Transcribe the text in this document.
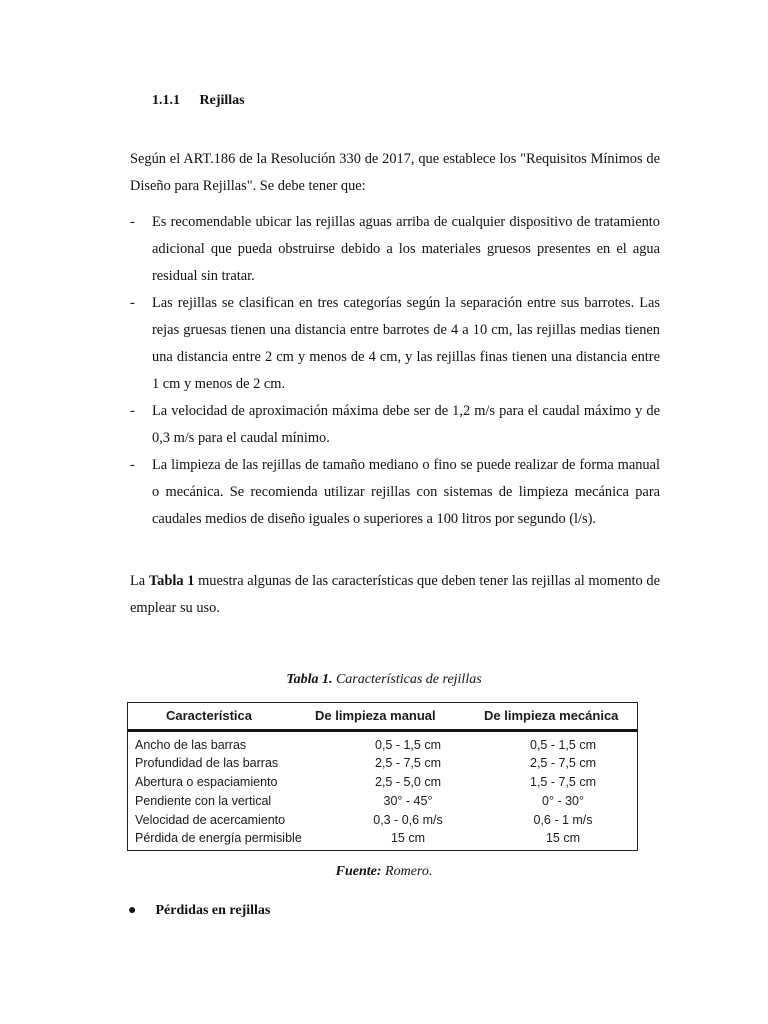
1.1.1 Rejillas

Según el ART.186 de la Resolución 330 de 2017, que establece los "Requisitos Mínimos de Diseño para Rejillas". Se debe tener que:

- Es recomendable ubicar las rejillas aguas arriba de cualquier dispositivo de tratamiento adicional que pueda obstruirse debido a los materiales gruesos presentes en el agua residual sin tratar.
- Las rejillas se clasifican en tres categorías según la separación entre sus barrotes. Las rejas gruesas tienen una distancia entre barrotes de 4 a 10 cm, las rejillas medias tienen una distancia entre 2 cm y menos de 4 cm, y las rejillas finas tienen una distancia entre 1 cm y menos de 2 cm.
- La velocidad de aproximación máxima debe ser de 1,2 m/s para el caudal máximo y de 0,3 m/s para el caudal mínimo.
- La limpieza de las rejillas de tamaño mediano o fino se puede realizar de forma manual o mecánica. Se recomienda utilizar rejillas con sistemas de limpieza mecánica para caudales medios de diseño iguales o superiores a 100 litros por segundo (l/s).

La Tabla 1 muestra algunas de las características que deben tener las rejillas al momento de emplear su uso.

Tabla 1. Características de rejillas
Característica	De limpieza manual	De limpieza mecánica
Ancho de las barras	0,5 - 1,5 cm	0,5 - 1,5 cm
Profundidad de las barras	2,5 - 7,5 cm	2,5 - 7,5 cm
Abertura o espaciamiento	2,5 - 5,0 cm	1,5 - 7,5 cm
Pendiente con la vertical	30° - 45°	0° - 30°
Velocidad de acercamiento	0,3 - 0,6 m/s	0,6 - 1 m/s
Pérdida de energía permisible	15 cm	15 cm
Fuente: Romero.
● Pérdidas en rejillas
